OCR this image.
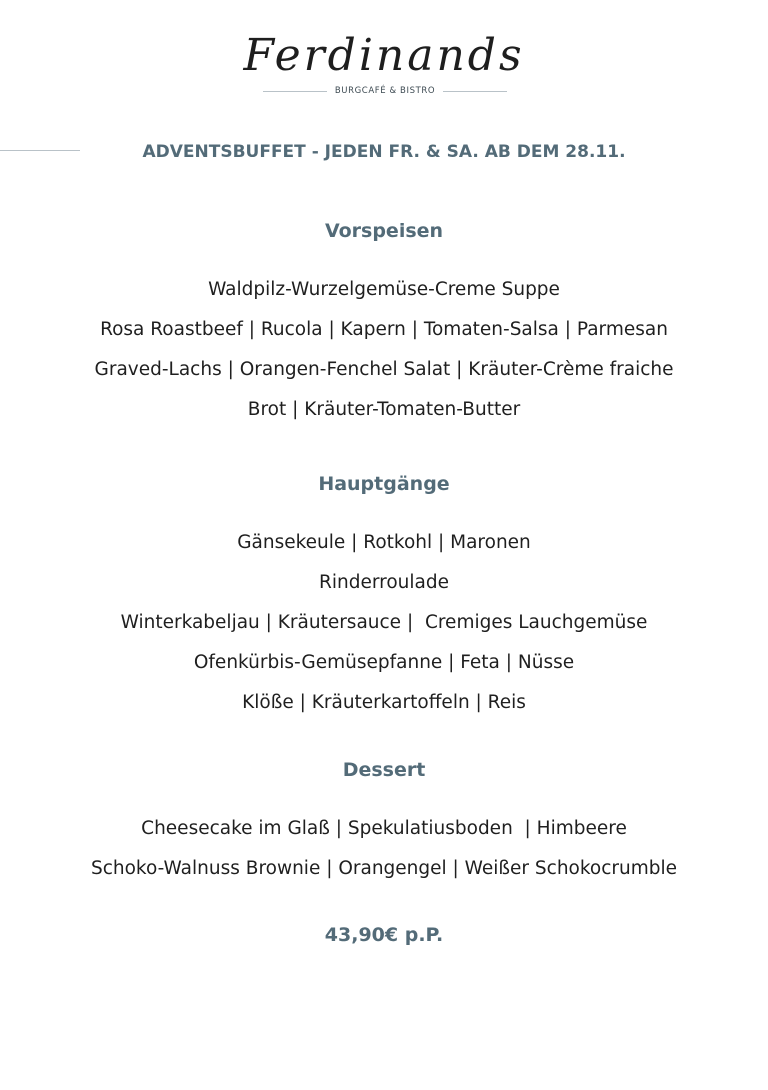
Ferdinands
BURGCAFÉ & BISTRO
ADVENTSBUFFET - JEDEN FR. & SA. AB DEM 28.11.
Vorspeisen
Waldpilz-Wurzelgemüse-Creme Suppe
Rosa Roastbeef | Rucola | Kapern | Tomaten-Salsa | Parmesan
Graved-Lachs | Orangen-Fenchel Salat | Kräuter-Crème fraiche
Brot | Kräuter-Tomaten-Butter
Hauptgänge
Gänsekeule | Rotkohl | Maronen
Rinderroulade
Winterkabeljau | Kräutersauce |  Cremiges Lauchgemüse
Ofenkürbis-Gemüsepfanne | Feta | Nüsse
Klöße | Kräuterkartoffeln | Reis
Dessert
Cheesecake im Glaß | Spekulatiusboden  | Himbeere
Schoko-Walnuss Brownie | Orangengel | Weißer Schokocrumble
43,90€ p.P.
